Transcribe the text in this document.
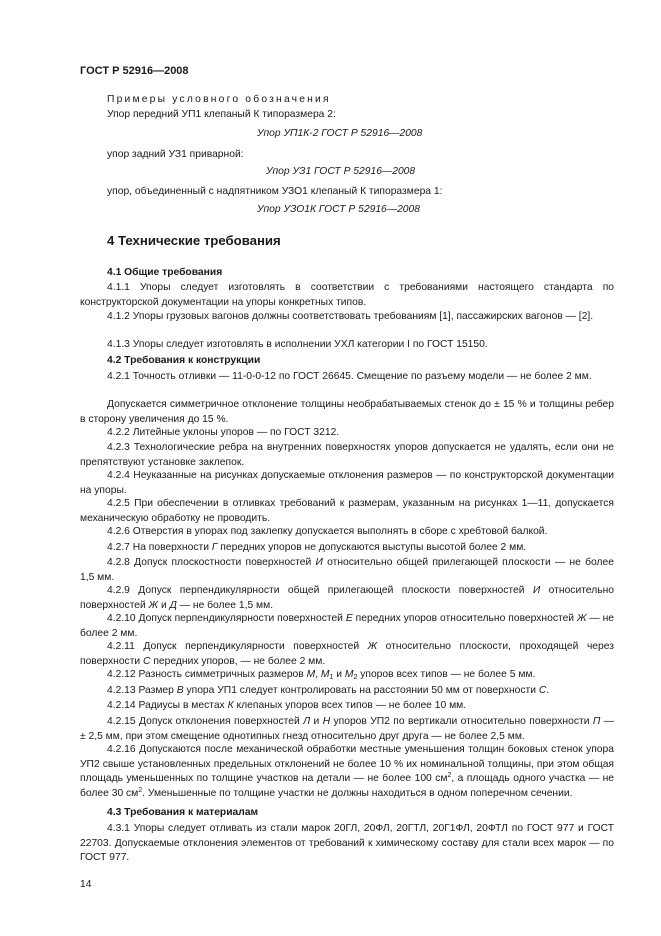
ГОСТ Р 52916—2008
Примеры условного обозначения
Упор передний УП1 клепаный К типоразмера 2:
Упор УП1К-2 ГОСТ Р 52916—2008
упор задний УЗ1 приварной:
Упор УЗ1 ГОСТ Р 52916—2008
упор, объединенный с надпятником УЗО1 клепаный К типоразмера 1:
Упор УЗО1К ГОСТ Р 52916—2008
4 Технические требования
4.1 Общие требования
4.1.1 Упоры следует изготовлять в соответствии с требованиями настоящего стандарта по конструкторской документации на упоры конкретных типов.
4.1.2 Упоры грузовых вагонов должны соответствовать требованиям [1], пассажирских вагонов — [2].
4.1.3 Упоры следует изготовлять в исполнении УХЛ категории I по ГОСТ 15150.
4.2 Требования к конструкции
4.2.1 Точность отливки — 11-0-0-12 по ГОСТ 26645. Смещение по разъему модели — не более 2 мм.
Допускается симметричное отклонение толщины необрабатываемых стенок до ± 15 % и толщины ребер в сторону увеличения до 15 %.
4.2.2 Литейные уклоны упоров — по ГОСТ 3212.
4.2.3 Технологические ребра на внутренних поверхностях упоров допускается не удалять, если они не препятствуют установке заклепок.
4.2.4 Неуказанные на рисунках допускаемые отклонения размеров — по конструкторской документации на упоры.
4.2.5 При обеспечении в отливках требований к размерам, указанным на рисунках 1—11, допускается механическую обработку не проводить.
4.2.6 Отверстия в упорах под заклепку допускается выполнять в сборе с хребтовой балкой.
4.2.7 На поверхности Г передних упоров не допускаются выступы высотой более 2 мм.
4.2.8 Допуск плоскостности поверхностей И относительно общей прилегающей плоскости — не более 1,5 мм.
4.2.9 Допуск перпендикулярности общей прилегающей плоскости поверхностей И относительно поверхностей Ж и Д — не более 1,5 мм.
4.2.10 Допуск перпендикулярности поверхностей Е передних упоров относительно поверхностей Ж — не более 2 мм.
4.2.11 Допуск перпендикулярности поверхностей Ж относительно плоскости, проходящей через поверхности С передних упоров, — не более 2 мм.
4.2.12 Разность симметричных размеров М, $М_1$ и $М_2$ упоров всех типов — не более 5 мм.
4.2.13 Размер В упора УП1 следует контролировать на расстоянии 50 мм от поверхности С.
4.2.14 Радиусы в местах К клепаных упоров всех типов — не более 10 мм.
4.2.15 Допуск отклонения поверхностей Л и Н упоров УП2 по вертикали относительно поверхности П — ± 2,5 мм, при этом смещение однотипных гнезд относительно друг друга — не более 2,5 мм.
4.2.16 Допускаются после механической обработки местные уменьшения толщин боковых стенок упора УП2 свыше установленных предельных отклонений не более 10 % их номинальной толщины, при этом общая площадь уменьшенных по толщине участков на детали — не более 100 $см^2$, а площадь одного участка — не более 30 $см^2$. Уменьшенные по толщине участки не должны находиться в одном поперечном сечении.
4.3 Требования к материалам
4.3.1 Упоры следует отливать из стали марок 20ГЛ, 20ФЛ, 20ГТЛ, 20Г1ФЛ, 20ФТЛ по ГОСТ 977 и ГОСТ 22703. Допускаемые отклонения элементов от требований к химическому составу для стали всех марок — по ГОСТ 977.
14
